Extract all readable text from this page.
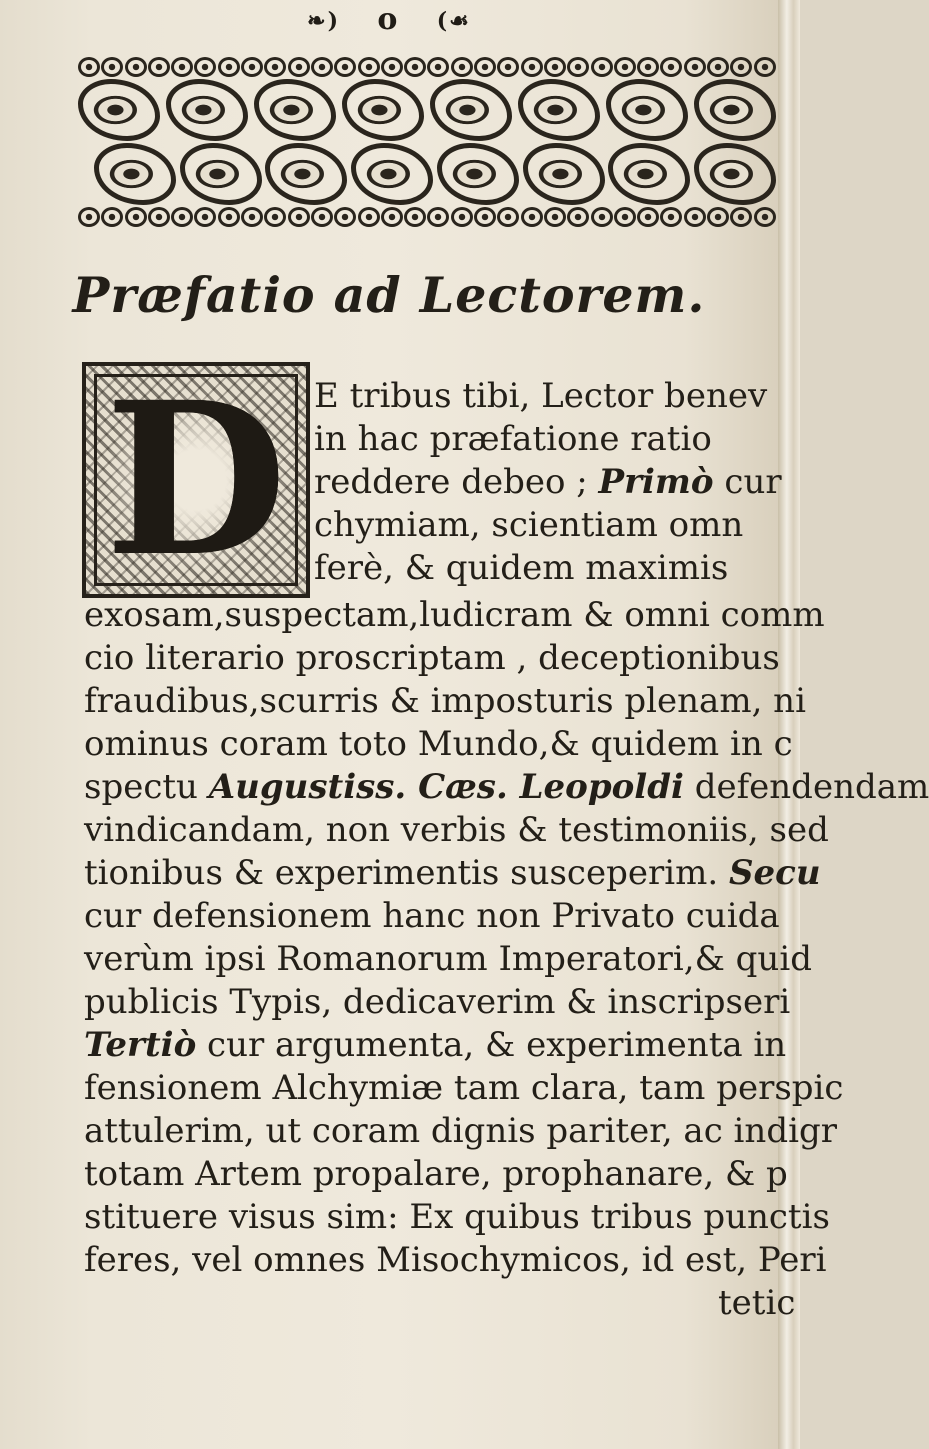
❧) o (☙
Præfatio ad Lectorem.
D E tribus tibi, Lector benev
in hac præfatione ratio
reddere debeo ; Primò cur
chymiam, scientiam omn
ferè, & quidem maximis
exosam,suspectam,ludicram & omni comm
cio literario proscriptam , deceptionibus
fraudibus,scurris & imposturis plenam, ni
ominus coram toto Mundo,& quidem in c
spectu Augustiss. Cæs. Leopoldi defendendam
vindicandam, non verbis & testimoniis, sed
tionibus & experimentis susceperim. Secu
cur defensionem hanc non Privato cuida
verùm ipsi Romanorum Imperatori,& quid
publicis Typis, dedicaverim & inscripseri
Tertiò cur argumenta, & experimenta in
fensionem Alchymiæ tam clara, tam perspic
attulerim, ut coram dignis pariter, ac indigr
totam Artem propalare, prophanare, & p
stituere visus sim: Ex quibus tribus punctis
feres, vel omnes Misochymicos, id est, Peri
tetic
